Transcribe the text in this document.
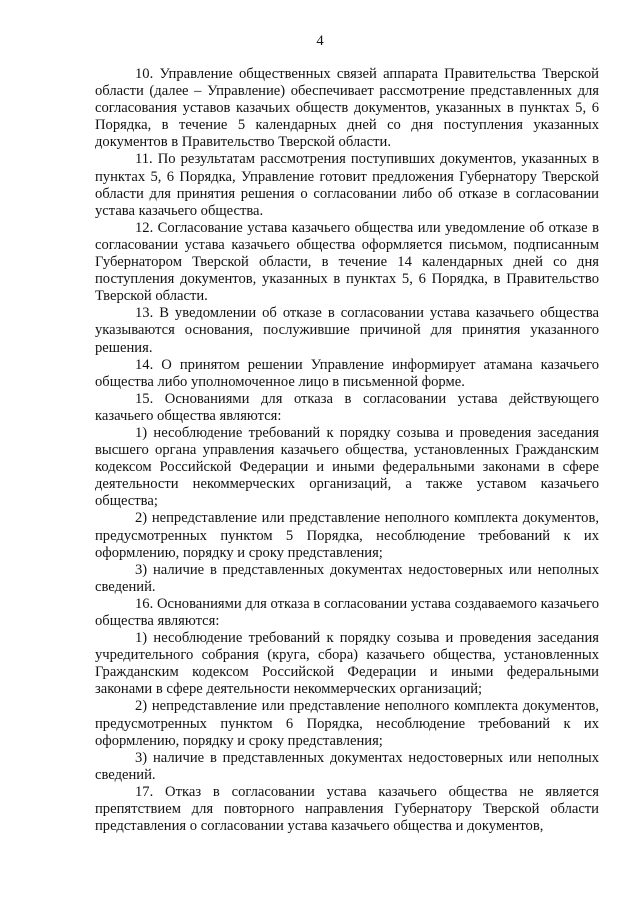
4

10. Управление общественных связей аппарата Правительства Тверской области (далее – Управление) обеспечивает рассмотрение представленных для согласования уставов казачьих обществ документов, указанных в пунктах 5, 6 Порядка, в течение 5 календарных дней со дня поступления указанных документов в Правительство Тверской области.

11. По результатам рассмотрения поступивших документов, указанных в пунктах 5, 6 Порядка, Управление готовит предложения Губернатору Тверской области для принятия решения о согласовании либо об отказе в согласовании устава казачьего общества.

12. Согласование устава казачьего общества или уведомление об отказе в согласовании устава казачьего общества оформляется письмом, подписанным Губернатором Тверской области, в течение 14 календарных дней со дня поступления документов, указанных в пунктах 5, 6 Порядка, в Правительство Тверской области.

13. В уведомлении об отказе в согласовании устава казачьего общества указываются основания, послужившие причиной для принятия указанного решения.

14. О принятом решении Управление информирует атамана казачьего общества либо уполномоченное лицо в письменной форме.

15. Основаниями для отказа в согласовании устава действующего казачьего общества являются:

1) несоблюдение требований к порядку созыва и проведения заседания высшего органа управления казачьего общества, установленных Гражданским кодексом Российской Федерации и иными федеральными законами в сфере деятельности некоммерческих организаций, а также уставом казачьего общества;

2) непредставление или представление неполного комплекта документов, предусмотренных пунктом 5 Порядка, несоблюдение требований к их оформлению, порядку и сроку представления;

3) наличие в представленных документах недостоверных или неполных сведений.

16. Основаниями для отказа в согласовании устава создаваемого казачьего общества являются:

1) несоблюдение требований к порядку созыва и проведения заседания учредительного собрания (круга, сбора) казачьего общества, установленных Гражданским кодексом Российской Федерации и иными федеральными законами в сфере деятельности некоммерческих организаций;

2) непредставление или представление неполного комплекта документов, предусмотренных пунктом 6 Порядка, несоблюдение требований к их оформлению, порядку и сроку представления;

3) наличие в представленных документах недостоверных или неполных сведений.

17. Отказ в согласовании устава казачьего общества не является препятствием для повторного направления Губернатору Тверской области представления о согласовании устава казачьего общества и документов,
